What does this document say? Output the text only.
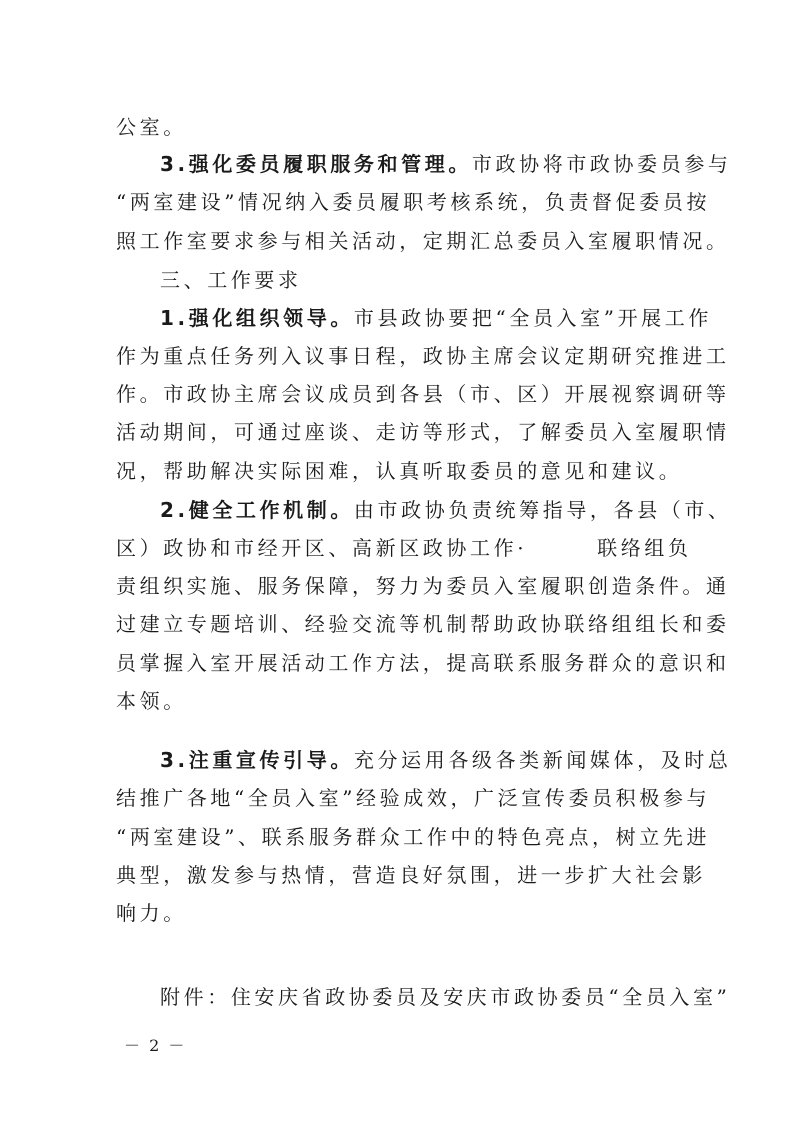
公室。
3.强化委员履职服务和管理。市政协将市政协委员参与
“两室建设”情况纳入委员履职考核系统，负责督促委员按
照工作室要求参与相关活动，定期汇总委员入室履职情况。
三、工作要求
1.强化组织领导。市县政协要把“全员入室”开展工作
作为重点任务列入议事日程，政协主席会议定期研究推进工
作。市政协主席会议成员到各县（市、区）开展视察调研等
活动期间，可通过座谈、走访等形式，了解委员入室履职情
况，帮助解决实际困难，认真听取委员的意见和建议。
2.健全工作机制。由市政协负责统筹指导，各县（市、
区）政协和市经开区、高新区政协工作·	联络组负
责组织实施、服务保障，努力为委员入室履职创造条件。通
过建立专题培训、经验交流等机制帮助政协联络组组长和委
员掌握入室开展活动工作方法，提高联系服务群众的意识和
本领。
3.注重宣传引导。充分运用各级各类新闻媒体，及时总
结推广各地“全员入室”经验成效，广泛宣传委员积极参与
“两室建设”、联系服务群众工作中的特色亮点，树立先进
典型，激发参与热情，营造良好氛围，进一步扩大社会影
响力。
附件：住安庆省政协委员及安庆市政协委员“全员入室”
－ 2 －
